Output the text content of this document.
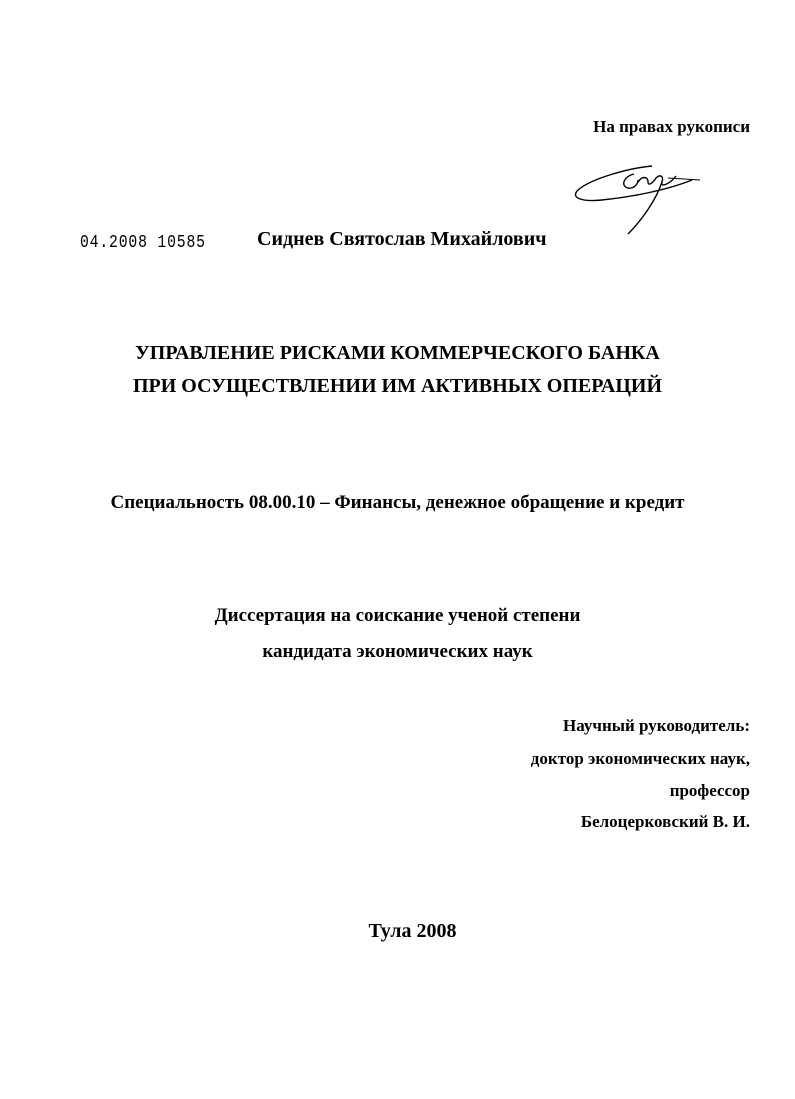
На правах рукописи
04.2008 10585	Сиднев Святослав Михайлович
УПРАВЛЕНИЕ РИСКАМИ КОММЕРЧЕСКОГО БАНКА
ПРИ ОСУЩЕСТВЛЕНИИ ИМ АКТИВНЫХ ОПЕРАЦИЙ
Специальность 08.00.10 – Финансы, денежное обращение и кредит
Диссертация на соискание ученой степени
кандидата экономических наук
Научный руководитель:
доктор экономических наук,
профессор
Белоцерковский В. И.
Тула 2008
